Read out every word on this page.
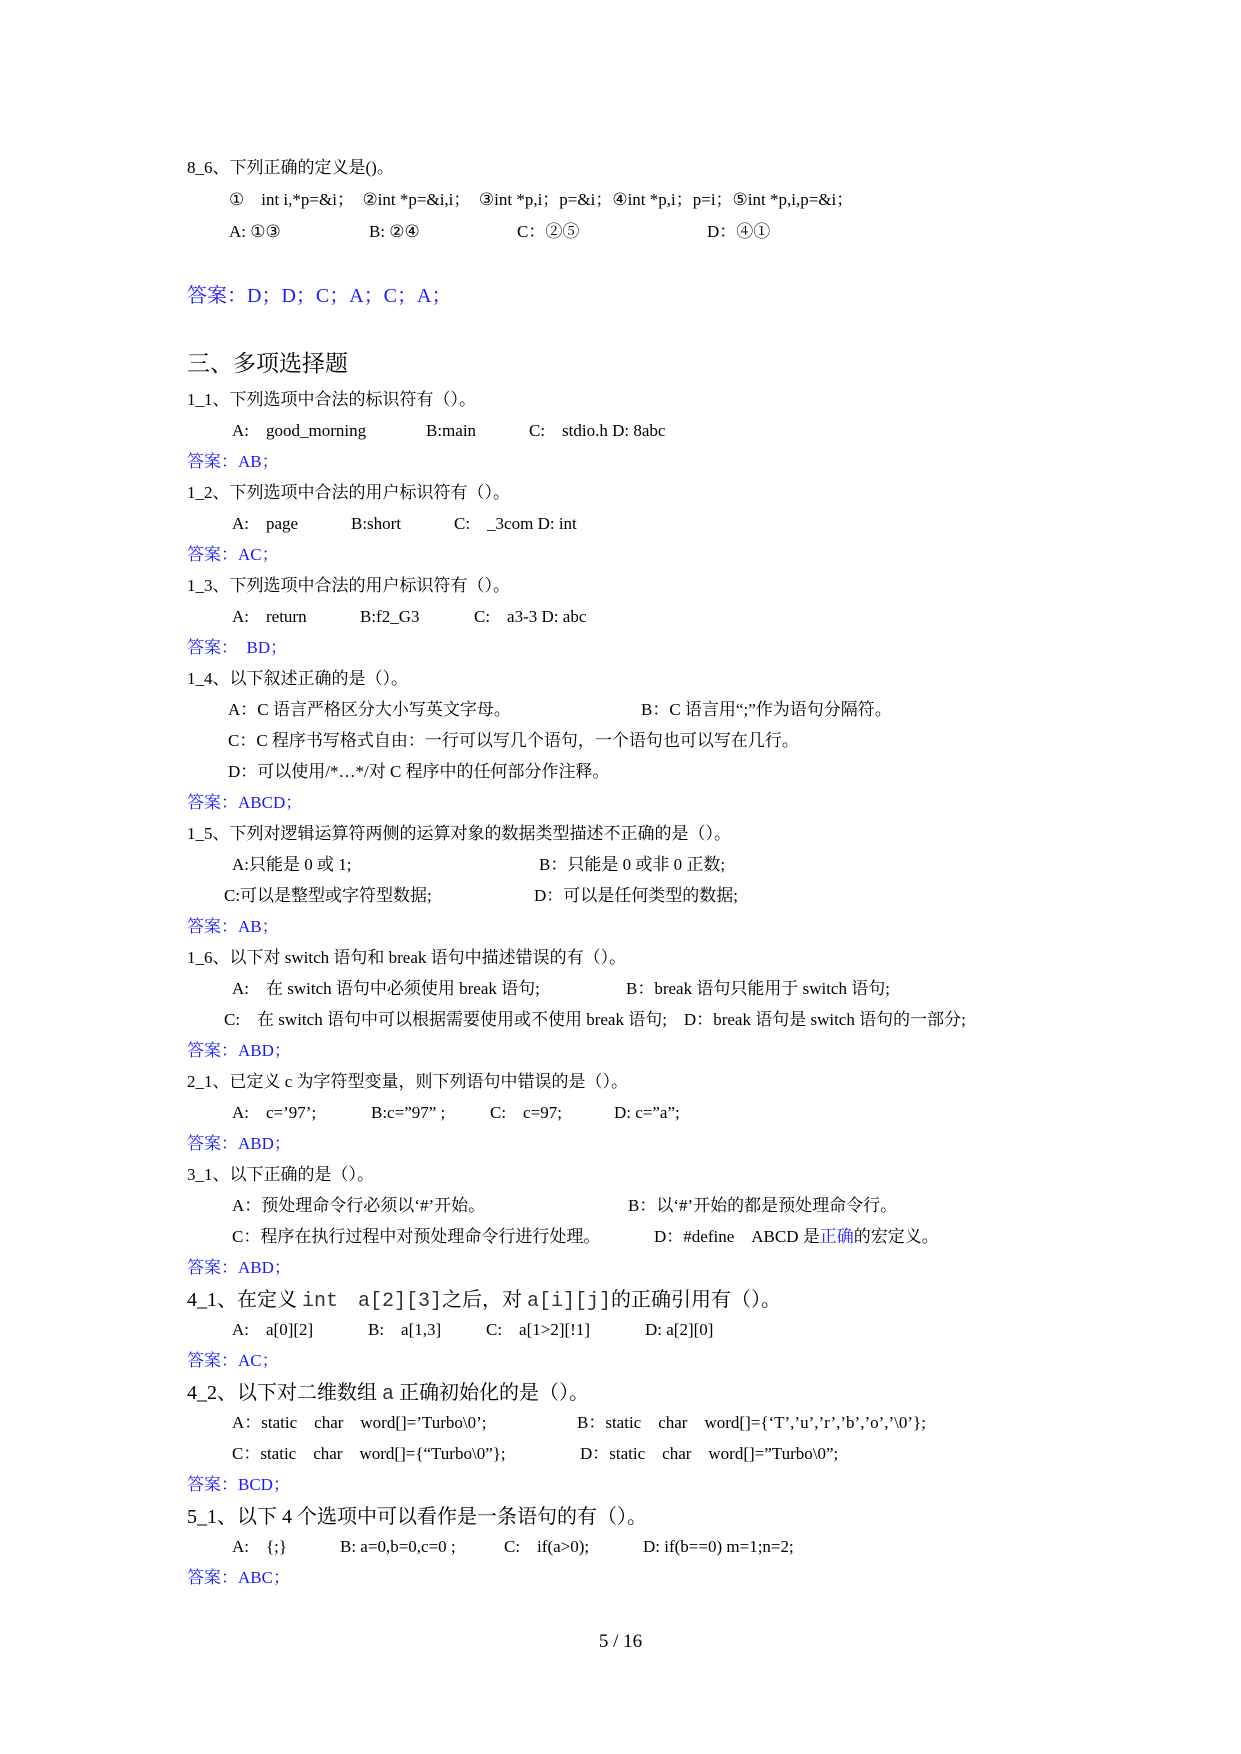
8_6、下列正确的定义是()。
①　int i,*p=&i；　②int *p=&i,i；　③int *p,i；p=&i；④int *p,i；p=i；⑤int *p,i,p=&i；
A: ①③	B: ②④	C：②⑤	D：④①
答案：D；D；C；A；C；A；
三、多项选择题
1_1、下列选项中合法的标识符有（）。
A:　good_morning	B:main	C:　stdio.h D: 8abc
答案：AB；
1_2、下列选项中合法的用户标识符有（）。
A:　page	B:short	C:　_3com D: int
答案：AC；
1_3、下列选项中合法的用户标识符有（）。
A:　return	B:f2_G3	C:　a3-3 D: abc
答案：　BD；
1_4、以下叙述正确的是（）。
A：C 语言严格区分大小写英文字母。	B：C 语言用“;”作为语句分隔符。
C：C 程序书写格式自由：一行可以写几个语句，一个语句也可以写在几行。
D：可以使用/*…*/对 C 程序中的任何部分作注释。
答案：ABCD；
1_5、下列对逻辑运算符两侧的运算对象的数据类型描述不正确的是（）。
A:只能是 0 或 1;	B：只能是 0 或非 0 正数;
C:可以是整型或字符型数据;	D：可以是任何类型的数据;
答案：AB；
1_6、以下对 switch 语句和 break 语句中描述错误的有（）。
A:　在 switch 语句中必须使用 break 语句;	B：break 语句只能用于 switch 语句;
C:　在 switch 语句中可以根据需要使用或不使用 break 语句;　D：break 语句是 switch 语句的一部分;
答案：ABD；
2_1、已定义 c 为字符型变量，则下列语句中错误的是（）。
A:　c=’97’;	B:c=”97” ;	C:　c=97;	D: c=”a”;
答案：ABD；
3_1、以下正确的是（）。
A：预处理命令行必须以‘#’开始。	B：以‘#’开始的都是预处理命令行。
C：程序在执行过程中对预处理命令行进行处理。	D：#define　ABCD 是正确的宏定义。
答案：ABD；
4_1、在定义 int　a[2][3]之后，对 a[i][j]的正确引用有（）。
A:　a[0][2]	B:　a[1,3]	C:　a[1>2][!1]	D: a[2][0]
答案：AC；
4_2、以下对二维数组 a 正确初始化的是（）。
A：static　char　word[]=’Turbo\0’;	B：static　char　word[]={‘T’,’u’,’r’,’b’,’o’,’\0’};
C：static　char　word[]={“Turbo\0”};	D：static　char　word[]=”Turbo\0”;
答案：BCD；
5_1、以下 4 个选项中可以看作是一条语句的有（）。
A:　{;}	B: a=0,b=0,c=0 ;	C:　if(a>0);	D: if(b==0) m=1;n=2;
答案：ABC；
5 / 16
